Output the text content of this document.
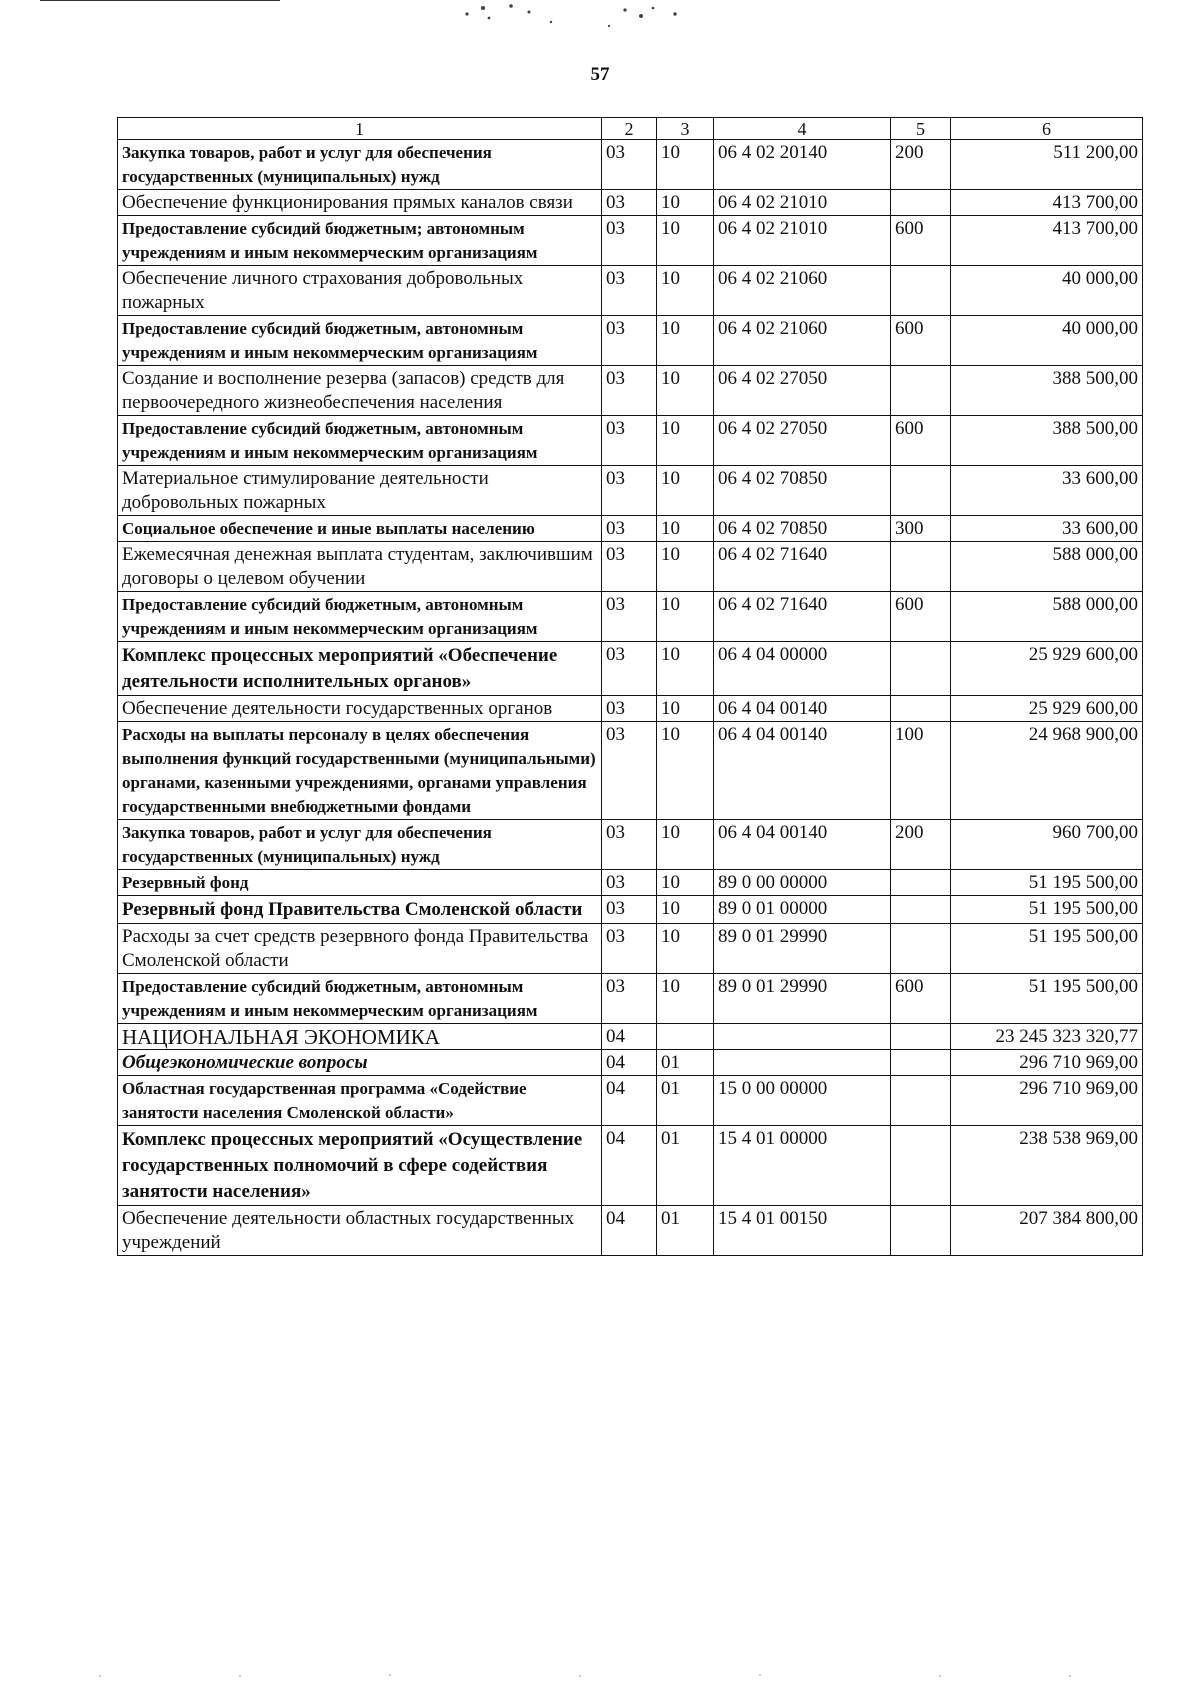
57
1	2	3	4	5	6
Закупка товаров, работ и услуг для обеспечения государственных (муниципальных) нужд	03	10	06 4 02 20140	200	511 200,00
Обеспечение функционирования прямых каналов связи	03	10	06 4 02 21010		413 700,00
Предоставление субсидий бюджетным; автономным учреждениям и иным некоммерческим организациям	03	10	06 4 02 21010	600	413 700,00
Обеспечение личного страхования добровольных пожарных	03	10	06 4 02 21060		40 000,00
Предоставление субсидий бюджетным, автономным учреждениям и иным некоммерческим организациям	03	10	06 4 02 21060	600	40 000,00
Создание и восполнение резерва (запасов) средств для первоочередного жизнеобеспечения населения	03	10	06 4 02 27050		388 500,00
Предоставление субсидий бюджетным, автономным учреждениям и иным некоммерческим организациям	03	10	06 4 02 27050	600	388 500,00
Материальное стимулирование деятельности добровольных пожарных	03	10	06 4 02 70850		33 600,00
Социальное обеспечение и иные выплаты населению	03	10	06 4 02 70850	300	33 600,00
Ежемесячная денежная выплата студентам, заключившим договоры о целевом обучении	03	10	06 4 02 71640		588 000,00
Предоставление субсидий бюджетным, автономным учреждениям и иным некоммерческим организациям	03	10	06 4 02 71640	600	588 000,00
Комплекс процессных мероприятий «Обеспечение деятельности исполнительных органов»	03	10	06 4 04 00000		25 929 600,00
Обеспечение деятельности государственных органов	03	10	06 4 04 00140		25 929 600,00
Расходы на выплаты персоналу в целях обеспечения выполнения функций государственными (муниципальными) органами, казенными учреждениями, органами управления государственными внебюджетными фондами	03	10	06 4 04 00140	100	24 968 900,00
Закупка товаров, работ и услуг для обеспечения государственных (муниципальных) нужд	03	10	06 4 04 00140	200	960 700,00
Резервный фонд	03	10	89 0 00 00000		51 195 500,00
Резервный фонд Правительства Смоленской области	03	10	89 0 01 00000		51 195 500,00
Расходы за счет средств резервного фонда Правительства Смоленской области	03	10	89 0 01 29990		51 195 500,00
Предоставление субсидий бюджетным, автономным учреждениям и иным некоммерческим организациям	03	10	89 0 01 29990	600	51 195 500,00
НАЦИОНАЛЬНАЯ ЭКОНОМИКА	04				23 245 323 320,77
Общеэкономические вопросы	04	01			296 710 969,00
Областная государственная программа «Содействие занятости населения Смоленской области»	04	01	15 0 00 00000		296 710 969,00
Комплекс процессных мероприятий «Осуществление государственных полномочий в сфере содействия занятости населения»	04	01	15 4 01 00000		238 538 969,00
Обеспечение деятельности областных государственных учреждений	04	01	15 4 01 00150		207 384 800,00
